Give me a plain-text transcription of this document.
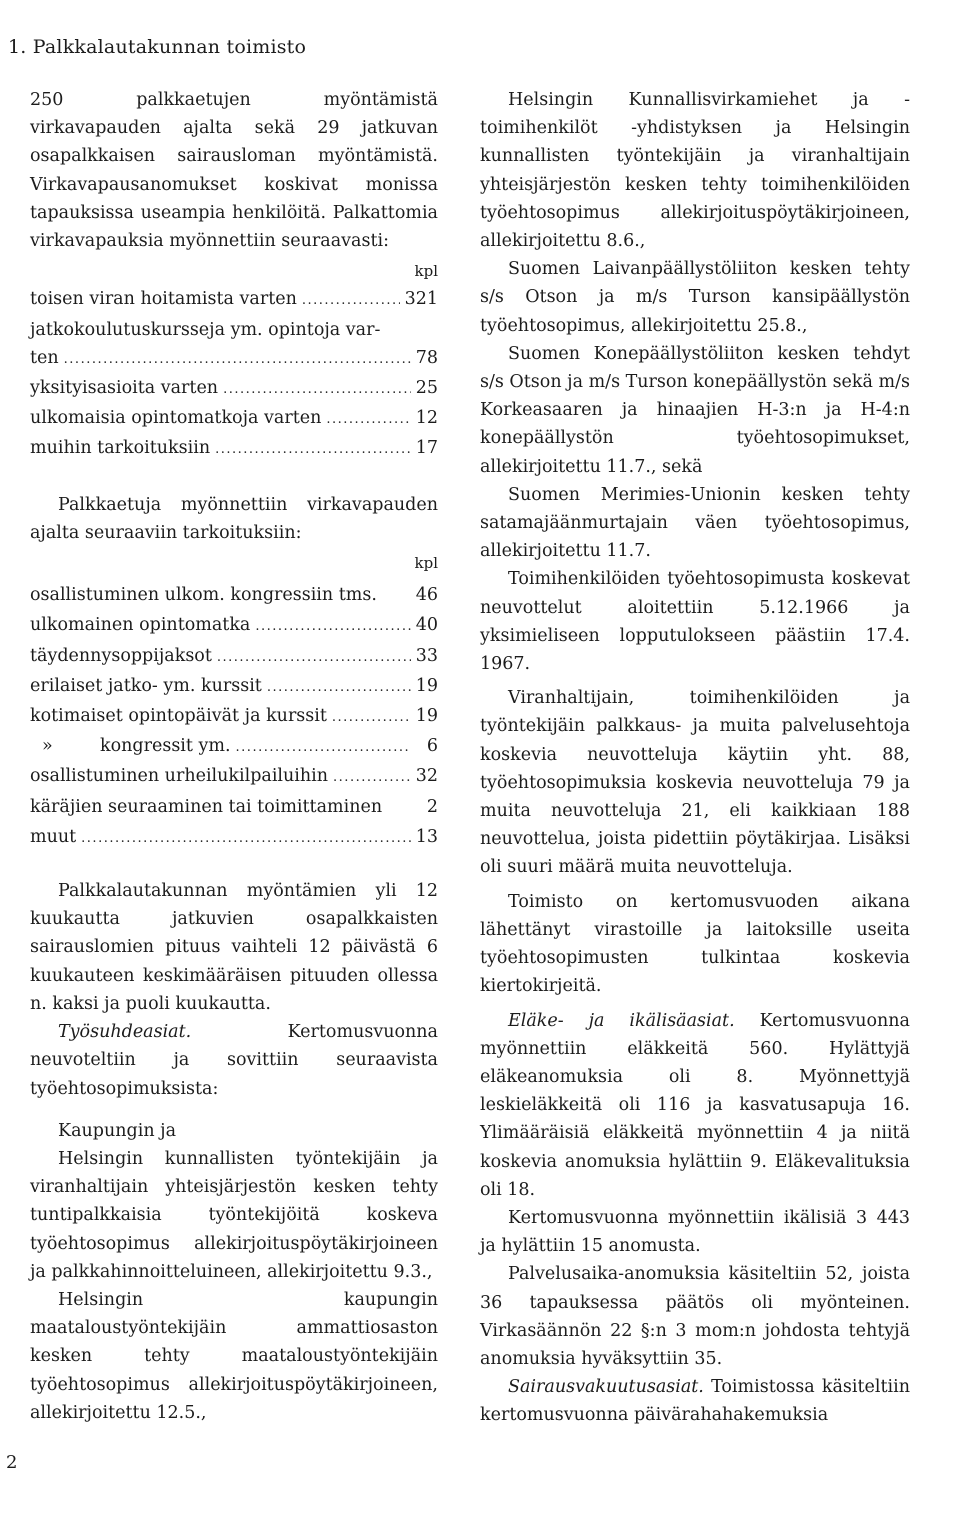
1. Palkkalautakunnan toimisto

250 palkkaetujen myöntämistä virkavapauden ajalta sekä 29 jatkuvan osapalkkaisen sairausloman myöntämistä. Virkavapausanomukset koskivat monissa tapauksissa useampia henkilöitä. Palkattomia virkavapauksia myönnettiin seuraavasti:

kpl
toisen viran hoitamista varten .....	321
jatkokoulutuskursseja ym. opintoja var-
ten .....	78
yksityisasioita varten .....	25
ulkomaisia opintomatkoja varten .....	12
muihin tarkoituksiin .....	17

Palkkaetuja myönnettiin virkavapauden ajalta seuraaviin tarkoituksiin:

kpl
osallistuminen ulkom. kongressiin tms. 46
ulkomainen opintomatka .....	40
täydennysoppijaksot .....	33
erilaiset jatko- ym. kurssit .....	19
kotimaiset opintopäivät ja kurssit .....	19
»	kongressit ym. .....	6
osallistuminen urheilukilpailuihin .....	32
käräjien seuraaminen tai toimittaminen	2
muut .....	13

Palkkalautakunnan myöntämien yli 12 kuukautta jatkuvien osapalkkaisten sairauslomien pituus vaihteli 12 päivästä 6 kuukauteen keskimääräisen pituuden ollessa n. kaksi ja puoli kuukautta.

Työsuhdeasiat. Kertomusvuonna neuvoteltiin ja sovittiin seuraavista työehtosopimuksista:

Kaupungin ja

Helsingin kunnallisten työntekijäin ja viranhaltijain yhteisjärjestön kesken tehty tuntipalkkaisia työntekijöitä koskeva työehtosopimus allekirjoituspöytäkirjoineen ja palkkahinnoitteluineen, allekirjoitettu 9.3.,

Helsingin kaupungin maataloustyöntekijäin ammattiosaston kesken tehty maataloustyöntekijäin työehtosopimus allekirjoituspöytäkirjoineen, allekirjoitettu 12.5.,

Helsingin Kunnallisvirkamiehet ja -toimihenkilöt -yhdistyksen ja Helsingin kunnallisten työntekijäin ja viranhaltijain yhteisjärjestön kesken tehty toimihenkilöiden työehtosopimus allekirjoituspöytäkirjoineen, allekirjoitettu 8.6.,

Suomen Laivanpäällystöliiton kesken tehty s/s Otson ja m/s Turson kansipäällystön työehtosopimus, allekirjoitettu 25.8.,

Suomen Konepäällystöliiton kesken tehdyt s/s Otson ja m/s Turson konepäällystön sekä m/s Korkeasaaren ja hinaajien H-3:n ja H-4:n konepäällystön työehtosopimukset, allekirjoitettu 11.7., sekä

Suomen Merimies-Unionin kesken tehty satamajäänmurtajain väen työehtosopimus, allekirjoitettu 11.7.

Toimihenkilöiden työehtosopimusta koskevat neuvottelut aloitettiin 5.12.1966 ja yksimieliseen lopputulokseen päästiin 17.4. 1967.

Viranhaltijain, toimihenkilöiden ja työntekijäin palkkaus- ja muita palvelusehtoja koskevia neuvotteluja käytiin yht. 88, työehtosopimuksia koskevia neuvotteluja 79 ja muita neuvotteluja 21, eli kaikkiaan 188 neuvottelua, joista pidettiin pöytäkirjaa. Lisäksi oli suuri määrä muita neuvotteluja.

Toimisto on kertomusvuoden aikana lähettänyt virastoille ja laitoksille useita työehtosopimusten tulkintaa koskevia kiertokirjeitä.

Eläke- ja ikälisäasiat. Kertomusvuonna myönnettiin eläkkeitä 560. Hylättyjä eläkeanomuksia oli 8. Myönnettyjä leskieläkkeitä oli 116 ja kasvatusapuja 16. Ylimääräisiä eläkkeitä myönnettiin 4 ja niitä koskevia anomuksia hylättiin 9. Eläkevalituksia oli 18.

Kertomusvuonna myönnettiin ikälisiä 3 443 ja hylättiin 15 anomusta.

Palvelusaika-anomuksia käsiteltiin 52, joista 36 tapauksessa päätös oli myönteinen. Virkasäännön 22 §:n 3 mom:n johdosta tehtyjä anomuksia hyväksyttiin 35.

Sairausvakuutusasiat. Toimistossa käsiteltiin kertomusvuonna päivärahahakemuksia

2
